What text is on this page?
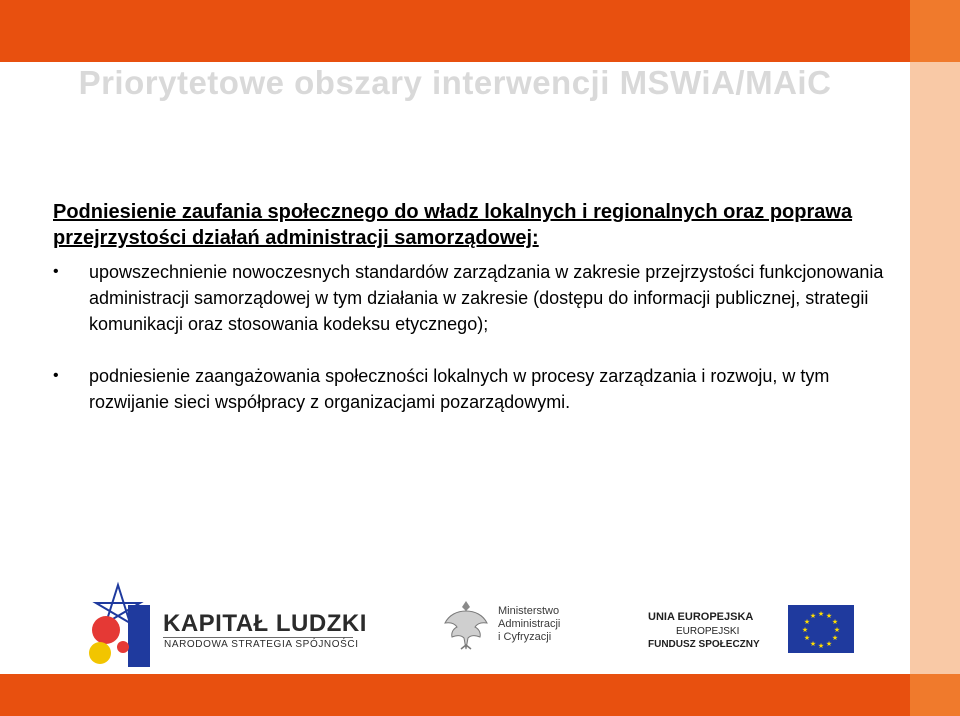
Priorytetowe obszary interwencji MSWiA/MAiC

Podniesienie zaufania społecznego do władz lokalnych i regionalnych oraz poprawa przejrzystości działań administracji samorządowej:

• upowszechnienie nowoczesnych standardów zarządzania w zakresie przejrzystości funkcjonowania administracji samorządowej w tym działania w zakresie (dostępu do informacji publicznej, strategii komunikacji oraz stosowania kodeksu etycznego);
• podniesienie zaangażowania społeczności lokalnych w procesy zarządzania i rozwoju, w tym rozwijanie sieci współpracy z organizacjami pozarządowymi.
KAPITAŁ LUDZKI
NARODOWA STRATEGIA SPÓJNOŚCI
Ministerstwo
Administracji
i Cyfryzacji
UNIA EUROPEJSKA
EUROPEJSKI
FUNDUSZ SPOŁECZNY
★ ★
★
★
★
★
★
★
★
★
★
★
